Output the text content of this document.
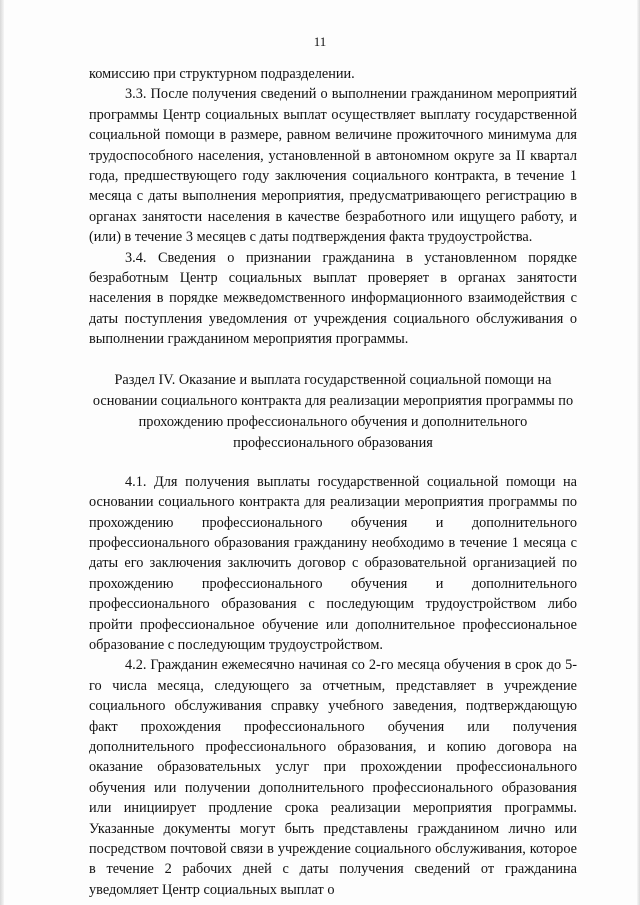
11

комиссию при структурном подразделении.

3.3. После получения сведений о выполнении гражданином мероприятий программы Центр социальных выплат осуществляет выплату государственной социальной помощи в размере, равном величине прожиточного минимума для трудоспособного населения, установленной в автономном округе за II квартал года, предшествующего году заключения социального контракта, в течение 1 месяца с даты выполнения мероприятия, предусматривающего регистрацию в органах занятости населения в качестве безработного или ищущего работу, и (или) в течение 3 месяцев с даты подтверждения факта трудоустройства.

3.4. Сведения о признании гражданина в установленном порядке безработным Центр социальных выплат проверяет в органах занятости населения в порядке межведомственного информационного взаимодействия с даты поступления уведомления от учреждения социального обслуживания о выполнении гражданином мероприятия программы.

Раздел IV. Оказание и выплата государственной социальной помощи на основании социального контракта для реализации мероприятия программы по прохождению профессионального обучения и дополнительного профессионального образования

4.1. Для получения выплаты государственной социальной помощи на основании социального контракта для реализации мероприятия программы по прохождению профессионального обучения и дополнительного профессионального образования гражданину необходимо в течение 1 месяца с даты его заключения заключить договор с образовательной организацией по прохождению профессионального обучения и дополнительного профессионального образования с последующим трудоустройством либо пройти профессиональное обучение или дополнительное профессиональное образование с последующим трудоустройством.

4.2. Гражданин ежемесячно начиная со 2-го месяца обучения в срок до 5-го числа месяца, следующего за отчетным, представляет в учреждение социального обслуживания справку учебного заведения, подтверждающую факт прохождения профессионального обучения или получения дополнительного профессионального образования, и копию договора на оказание образовательных услуг при прохождении профессионального обучения или получении дополнительного профессионального образования или инициирует продление срока реализации мероприятия программы. Указанные документы могут быть представлены гражданином лично или посредством почтовой связи в учреждение социального обслуживания, которое в течение 2 рабочих дней с даты получения сведений от гражданина уведомляет Центр социальных выплат о
